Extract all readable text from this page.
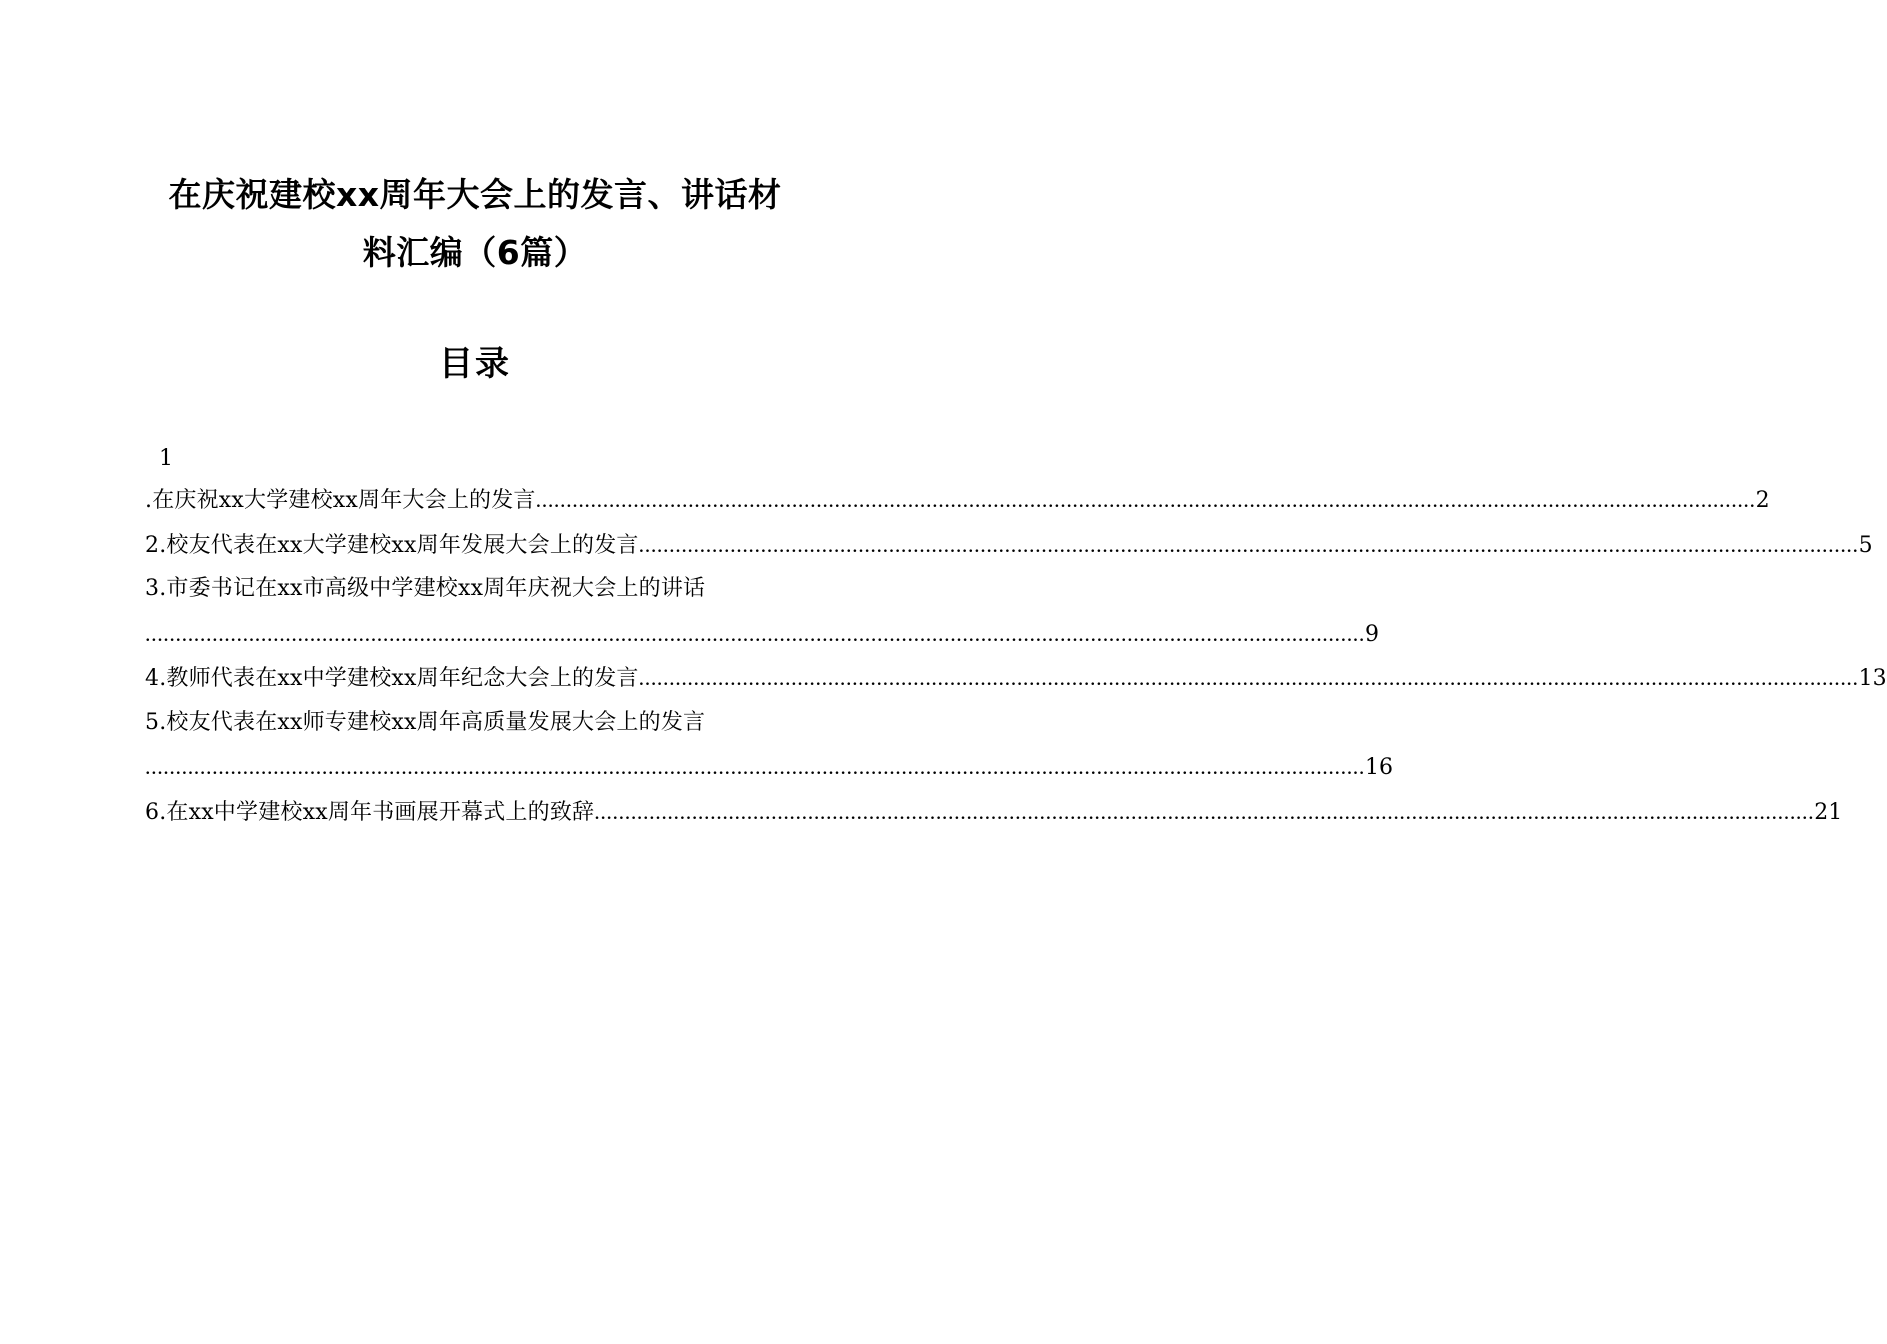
在庆祝建校xx周年大会上的发言、讲话材
料汇编（6篇）
目录
1
.在庆祝xx大学建校xx周年大会上的发言 ........................................................................................................................................................................................................ 2
2.校友代表在xx大学建校xx周年发展大会上的发言 ........................................................................................................................................................................................................ 5
3.市委书记在xx市高级中学建校xx周年庆祝大会上的讲话
........................................................................................................................................................................................................ 9
4.教师代表在xx中学建校xx周年纪念大会上的发言 ........................................................................................................................................................................................................ 13
5.校友代表在xx师专建校xx周年高质量发展大会上的发言
........................................................................................................................................................................................................ 16
6.在xx中学建校xx周年书画展开幕式上的致辞 ........................................................................................................................................................................................................ 21
